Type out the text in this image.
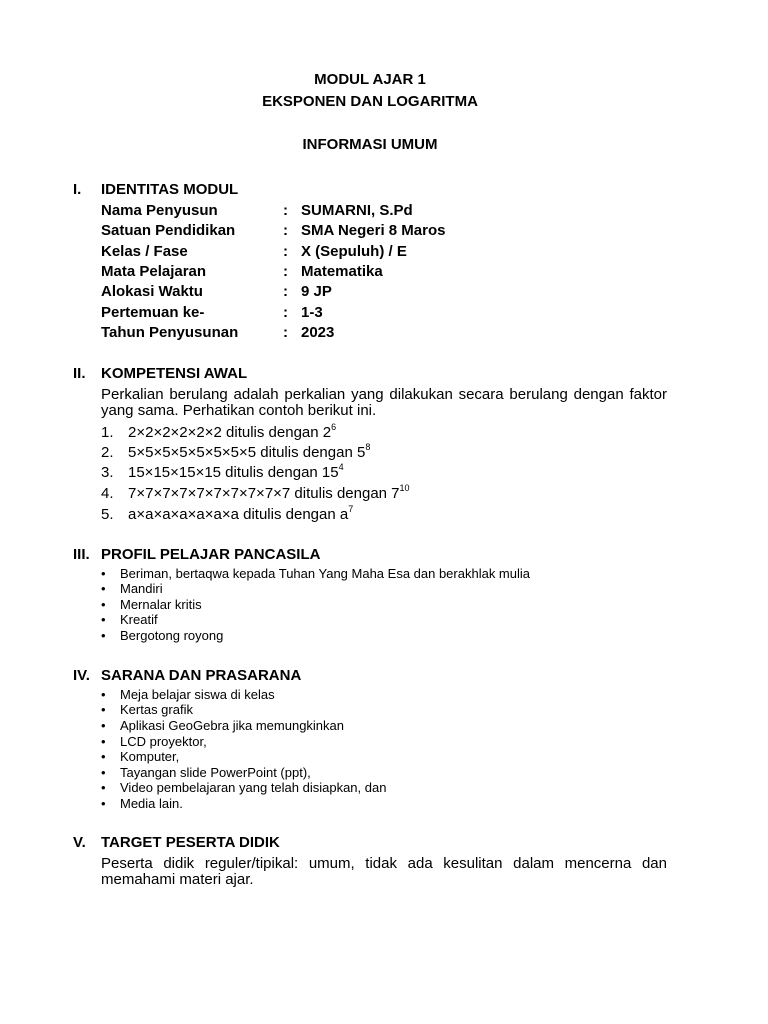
MODUL AJAR 1
EKSPONEN DAN LOGARITMA
INFORMASI UMUM
I. IDENTITAS MODUL
Nama Penyusun	: SUMARNI, S.Pd
Satuan Pendidikan	: SMA Negeri 8 Maros
Kelas / Fase	: X (Sepuluh) / E
Mata Pelajaran	: Matematika
Alokasi Waktu	: 9 JP
Pertemuan ke-	: 1-3
Tahun Penyusunan	: 2023
II. KOMPETENSI AWAL
Perkalian berulang adalah perkalian yang dilakukan secara berulang dengan faktor yang sama. Perhatikan contoh berikut ini.
1. 2×2×2×2×2×2 ditulis dengan $2^6$
2. 5×5×5×5×5×5×5×5 ditulis dengan $5^8$
3. 15×15×15×15 ditulis dengan $15^4$
4. 7×7×7×7×7×7×7×7×7×7 ditulis dengan $7^{10}$
5. a×a×a×a×a×a×a ditulis dengan $a^7$
III. PROFIL PELAJAR PANCASILA
• Beriman, bertaqwa kepada Tuhan Yang Maha Esa dan berakhlak mulia
• Mandiri
• Mernalar kritis
• Kreatif
• Bergotong royong
IV. SARANA DAN PRASARANA
• Meja belajar siswa di kelas
• Kertas grafik
• Aplikasi GeoGebra jika memungkinkan
• LCD proyektor,
• Komputer,
• Tayangan slide PowerPoint (ppt),
• Video pembelajaran yang telah disiapkan, dan
• Media lain.
V. TARGET PESERTA DIDIK
Peserta didik reguler/tipikal: umum, tidak ada kesulitan dalam mencerna dan memahami materi ajar.
